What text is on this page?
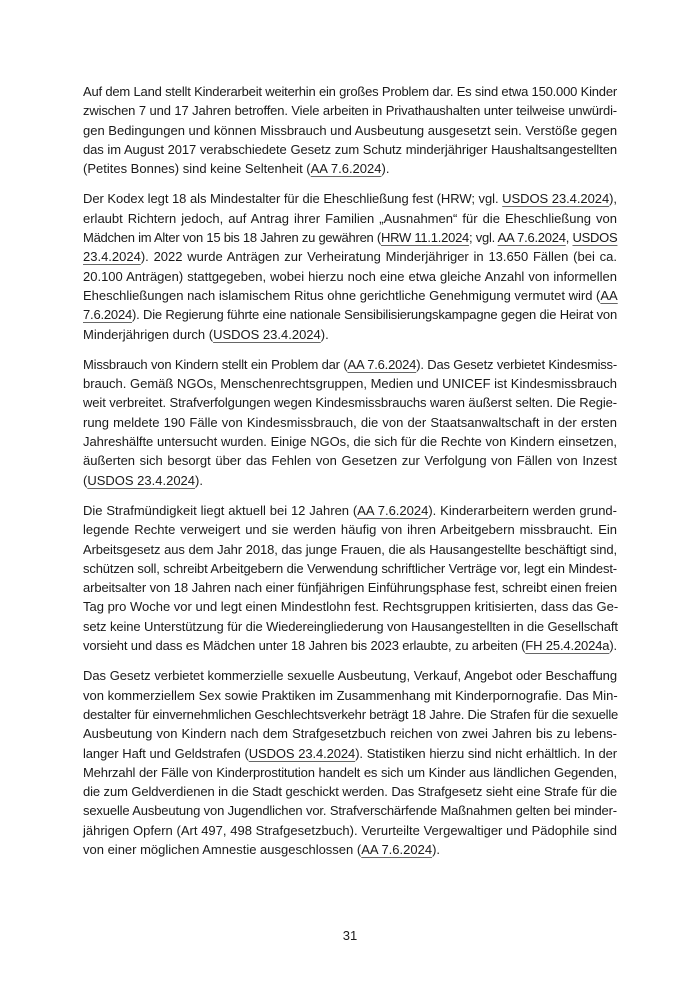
Auf dem Land stellt Kinderarbeit weiterhin ein großes Problem dar. Es sind etwa 150.000 Kinder
zwischen 7 und 17 Jahren betroffen. Viele arbeiten in Privathaushalten unter teilweise unwürdi-
gen Bedingungen und können Missbrauch und Ausbeutung ausgesetzt sein. Verstöße gegen
das im August 2017 verabschiedete Gesetz zum Schutz minderjähriger Haushaltsangestellten
(Petites Bonnes) sind keine Seltenheit (AA 7.6.2024).
Der Kodex legt 18 als Mindestalter für die Eheschließung fest (HRW; vgl. USDOS 23.4.2024),
erlaubt Richtern jedoch, auf Antrag ihrer Familien „Ausnahmen“ für die Eheschließung von
Mädchen im Alter von 15 bis 18 Jahren zu gewähren (HRW 11.1.2024; vgl. AA 7.6.2024, USDOS
23.4.2024). 2022 wurde Anträgen zur Verheiratung Minderjähriger in 13.650 Fällen (bei ca.
20.100 Anträgen) stattgegeben, wobei hierzu noch eine etwa gleiche Anzahl von informellen
Eheschließungen nach islamischem Ritus ohne gerichtliche Genehmigung vermutet wird (AA
7.6.2024). Die Regierung führte eine nationale Sensibilisierungskampagne gegen die Heirat von
Minderjährigen durch (USDOS 23.4.2024).
Missbrauch von Kindern stellt ein Problem dar (AA 7.6.2024). Das Gesetz verbietet Kindesmiss-
brauch. Gemäß NGOs, Menschenrechtsgruppen, Medien und UNICEF ist Kindesmissbrauch
weit verbreitet. Strafverfolgungen wegen Kindesmissbrauchs waren äußerst selten. Die Regie-
rung meldete 190 Fälle von Kindesmissbrauch, die von der Staatsanwaltschaft in der ersten
Jahreshälfte untersucht wurden. Einige NGOs, die sich für die Rechte von Kindern einsetzen,
äußerten sich besorgt über das Fehlen von Gesetzen zur Verfolgung von Fällen von Inzest
(USDOS 23.4.2024).
Die Strafmündigkeit liegt aktuell bei 12 Jahren (AA 7.6.2024). Kinderarbeitern werden grund-
legende Rechte verweigert und sie werden häufig von ihren Arbeitgebern missbraucht. Ein
Arbeitsgesetz aus dem Jahr 2018, das junge Frauen, die als Hausangestellte beschäftigt sind,
schützen soll, schreibt Arbeitgebern die Verwendung schriftlicher Verträge vor, legt ein Mindest-
arbeitsalter von 18 Jahren nach einer fünfjährigen Einführungsphase fest, schreibt einen freien
Tag pro Woche vor und legt einen Mindestlohn fest. Rechtsgruppen kritisierten, dass das Ge-
setz keine Unterstützung für die Wiedereingliederung von Hausangestellten in die Gesellschaft
vorsieht und dass es Mädchen unter 18 Jahren bis 2023 erlaubte, zu arbeiten (FH 25.4.2024a).
Das Gesetz verbietet kommerzielle sexuelle Ausbeutung, Verkauf, Angebot oder Beschaffung
von kommerziellem Sex sowie Praktiken im Zusammenhang mit Kinderpornografie. Das Min-
destalter für einvernehmlichen Geschlechtsverkehr beträgt 18 Jahre. Die Strafen für die sexuelle
Ausbeutung von Kindern nach dem Strafgesetzbuch reichen von zwei Jahren bis zu lebens-
langer Haft und Geldstrafen (USDOS 23.4.2024). Statistiken hierzu sind nicht erhältlich. In der
Mehrzahl der Fälle von Kinderprostitution handelt es sich um Kinder aus ländlichen Gegenden,
die zum Geldverdienen in die Stadt geschickt werden. Das Strafgesetz sieht eine Strafe für die
sexuelle Ausbeutung von Jugendlichen vor. Strafverschärfende Maßnahmen gelten bei minder-
jährigen Opfern (Art 497, 498 Strafgesetzbuch). Verurteilte Vergewaltiger und Pädophile sind
von einer möglichen Amnestie ausgeschlossen (AA 7.6.2024).
31
